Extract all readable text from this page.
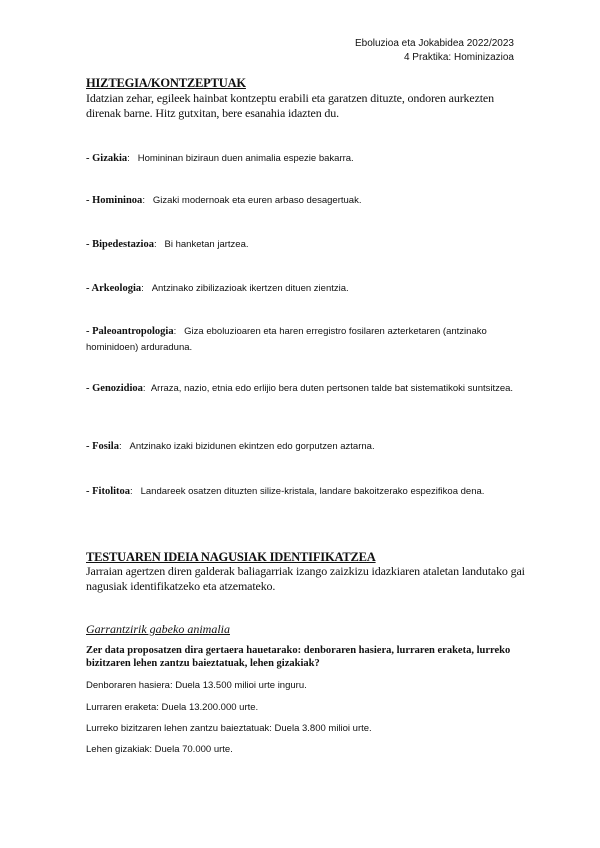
Eboluzioa eta Jokabidea 2022/2023
4 Praktika: Hominizazioa
HIZTEGIA/KONTZEPTUAK
Idatzian zehar, egileek hainbat kontzeptu erabili eta garatzen dituzte, ondoren aurkezten direnak barne. Hitz gutxitan, bere esanahia idazten du.
- Gizakia:   Homininan biziraun duen animalia espezie bakarra.
- Homininoa:   Gizaki modernoak eta euren arbaso desagertuak.
- Bipedestazioa:   Bi hanketan jartzea.
- Arkeologia:   Antzinako zibilizazioak ikertzen dituen zientzia.
- Paleoantropologia:   Giza eboluzioaren eta haren erregistro fosilaren azterketaren (antzinako hominidoen) arduraduna.
- Genozidioa:  Arraza, nazio, etnia edo erlijio bera duten pertsonen talde bat sistematikoki suntsitzea.
- Fosila:   Antzinako izaki bizidunen ekintzen edo gorputzen aztarna.
- Fitolitoa:   Landareek osatzen dituzten silize-kristala, landare bakoitzerako espezifikoa dena.
TESTUAREN IDEIA NAGUSIAK IDENTIFIKATZEA
Jarraian agertzen diren galderak baliagarriak izango zaizkizu idazkiaren ataletan landutako gai nagusiak identifikatzeko eta atzemateko.
Garrantzirik gabeko animalia
Zer data proposatzen dira gertaera hauetarako: denboraren hasiera, lurraren eraketa, lurreko bizitzaren lehen zantzu baieztatuak, lehen gizakiak?
Denboraren hasiera: Duela 13.500 milioi urte inguru.
Lurraren eraketa: Duela 13.200.000 urte.
Lurreko bizitzaren lehen zantzu baieztatuak: Duela 3.800 milioi urte.
Lehen gizakiak: Duela 70.000 urte.
